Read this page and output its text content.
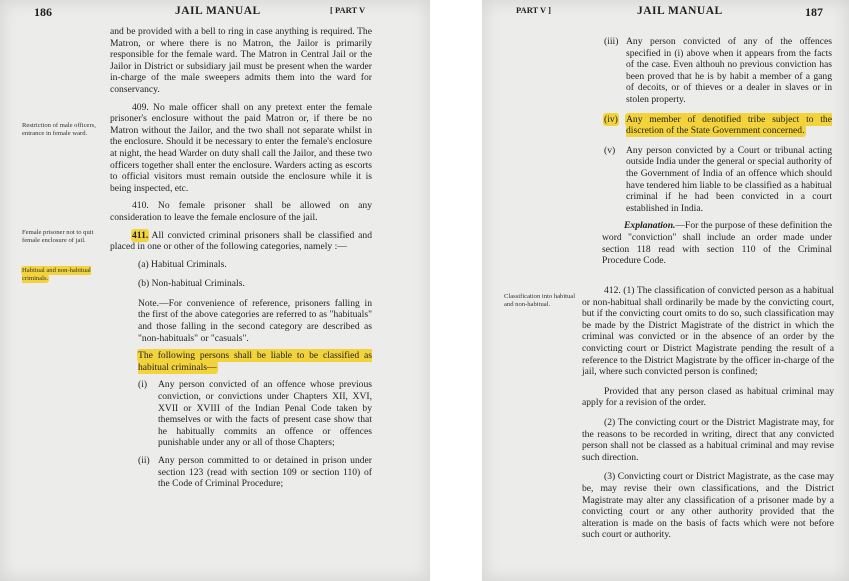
186	JAIL MANUAL	[ PART V
Restriction of male officers, entrance in female ward.
Female prisoner not to quit female enclosure of jail.
Habitual and non-habitual criminals.

and be provided with a bell to ring in case anything is required. The Matron, or where there is no Matron, the Jailor is primarily responsible for the female ward. The Matron in Central Jail or the Jailor in District or subsidiary jail must be present when the warder in-charge of the male sweepers admits them into the ward for conservancy.

409. No male officer shall on any pretext enter the female prisoner's enclosure without the paid Matron or, if there be no Matron without the Jailor, and the two shall not separate whilst in the enclosure. Should it be necessary to enter the female's enclosure at night, the head Warder on duty shall call the Jailor, and these two officers together shall enter the enclosure. Warders acting as escorts to official visitors must remain outside the enclosure while it is being inspected, etc.

410. No female prisoner shall be allowed on any consideration to leave the female enclosure of the jail.

411. All convicted criminal prisoners shall be classified and placed in one or other of the following categories, namely :—

(a) Habitual Criminals.

(b) Non-habitual Criminals.

Note.—For convenience of reference, prisoners falling in the first of the above categories are referred to as "habituals" and those falling in the second category are described as "non-habituals" or "casuals".

The following persons shall be liable to be classified as habitual criminals—

(i) Any person convicted of an offence whose previous conviction, or convictions under Chapters XII, XVI, XVII or XVIII of the Indian Penal Code taken by themselves or with the facts of present case show that he habitually commits an offence or offences punishable under any or all of those Chapters;
(ii) Any person committed to or detained in prison under section 123 (read with section 109 or section 110) of the Code of Criminal Procedure;
PART V ]	JAIL MANUAL	187
Classification into habitual and non-habitual.
(iii) Any person convicted of any of the offences specified in (i) above when it appears from the facts of the case. Even althouh no previous conviction has been proved that he is by habit a member of a gang of decoits, or of thieves or a dealer in slaves or in stolen property.
(iv) Any member of denotified tribe subject to the discretion of the State Government concerned.
(v) Any person convicted by a Court or tribunal acting outside India under the general or special authority of the Government of India of an offence which should have tendered him liable to be classified as a habitual criminal if he had been convicted in a court established in India.

Explanation.—For the purpose of these definition the word "conviction" shall include an order made under section 118 read with section 110 of the Criminal Procedure Code.

412. (1) The classification of convicted person as a habitual or non-habitual shall ordinarily be made by the convicting court, but if the convicting court omits to do so, such classification may be made by the District Magistrate of the district in which the criminal was convicted or in the absence of an order by the convicting court or District Magistrate pending the result of a reference to the District Magistrate by the officer in-charge of the jail, where such convicted person is confined;

Provided that any person clased as habitual criminal may apply for a revision of the order.

(2) The convicting court or the District Magistrate may, for the reasons to be recorded in writing, direct that any convicted person shall not be classed as a habitual criminal and may revise such direction.

(3) Convicting court or District Magistrate, as the case may be, may revise their own classifications, and the District Magistrate may alter any classification of a prisoner made by a convicting court or any other authority provided that the alteration is made on the basis of facts which were not before such court or authority.
